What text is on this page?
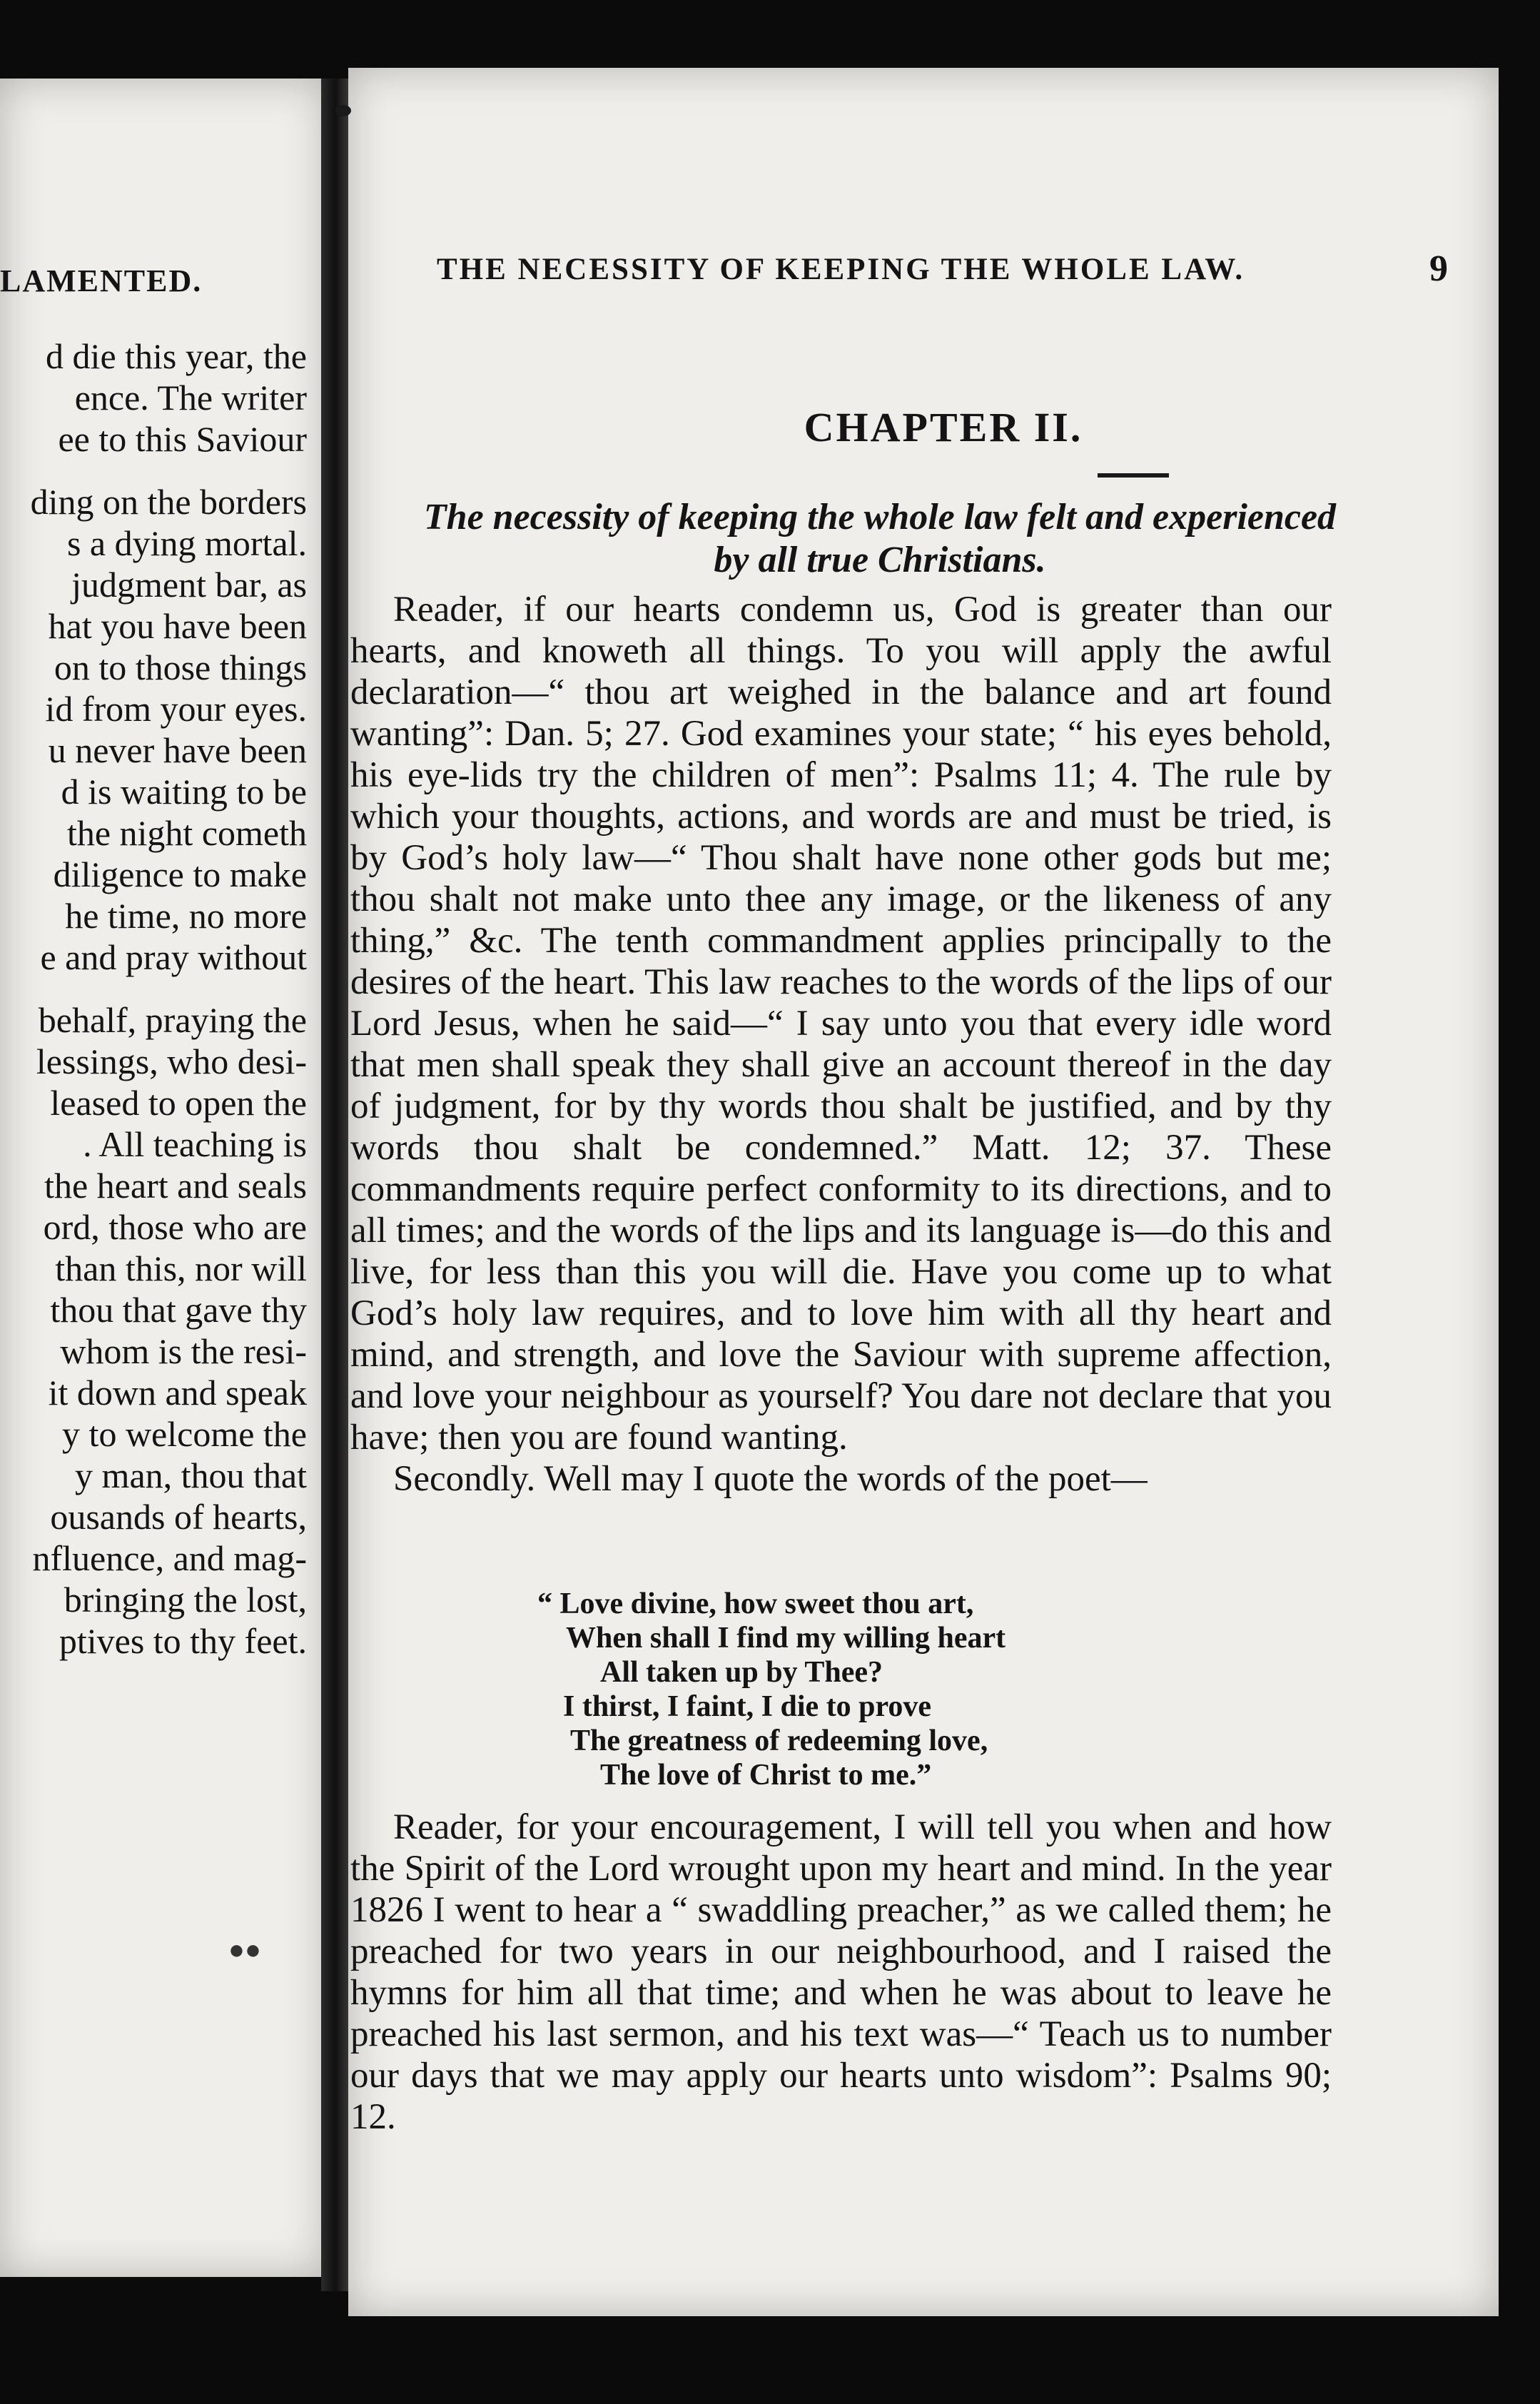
LAMENTED.

d die this year, the
ence. The writer
ee to this Saviour
ding on the borders
s a dying mortal.
judgment bar, as
hat you have been
on to those things
id from your eyes.
u never have been
d is waiting to be
the night cometh
diligence to make
he time, no more
e and pray without
behalf, praying the
lessings, who desi-
leased to open the
. All teaching is
the heart and seals
ord, those who are
than this, nor will
thou that gave thy
whom is the resi-
it down and speak
y to welcome the
y man, thou that
ousands of hearts,
nfluence, and mag-
bringing the lost,
ptives to thy feet.
●●
THE NECESSITY OF KEEPING THE WHOLE LAW.	9
CHAPTER II.

The necessity of keeping the whole law felt and experienced
by all true Christians.

Reader, if our hearts condemn us, God is greater than our hearts, and knoweth all things. To you will apply the awful declaration—“ thou art weighed in the balance and art found wanting”: Dan. 5; 27. God examines your state; “ his eyes behold, his eye-lids try the children of men”: Psalms 11; 4. The rule by which your thoughts, actions, and words are and must be tried, is by God’s holy law—“ Thou shalt have none other gods but me; thou shalt not make unto thee any image, or the likeness of any thing,” &c. The tenth commandment applies principally to the desires of the heart. This law reaches to the words of the lips of our Lord Jesus, when he said—“ I say unto you that every idle word that men shall speak they shall give an account thereof in the day of judgment, for by thy words thou shalt be justified, and by thy words thou shalt be condemned.” Matt. 12; 37. These commandments require perfect conformity to its directions, and to all times; and the words of the lips and its language is—do this and live, for less than this you will die. Have you come up to what God’s holy law requires, and to love him with all thy heart and mind, and strength, and love the Saviour with supreme affection, and love your neighbour as yourself? You dare not declare that you have; then you are found wanting.

Secondly. Well may I quote the words of the poet—

“ Love divine, how sweet thou art,
When shall I find my willing heart
All taken up by Thee?
I thirst, I faint, I die to prove
The greatness of redeeming love,
The love of Christ to me.”

Reader, for your encouragement, I will tell you when and how the Spirit of the Lord wrought upon my heart and mind. In the year 1826 I went to hear a “ swaddling preacher,” as we called them; he preached for two years in our neighbourhood, and I raised the hymns for him all that time; and when he was about to leave he preached his last sermon, and his text was—“ Teach us to number our days that we may apply our hearts unto wisdom”: Psalms 90; 12.
